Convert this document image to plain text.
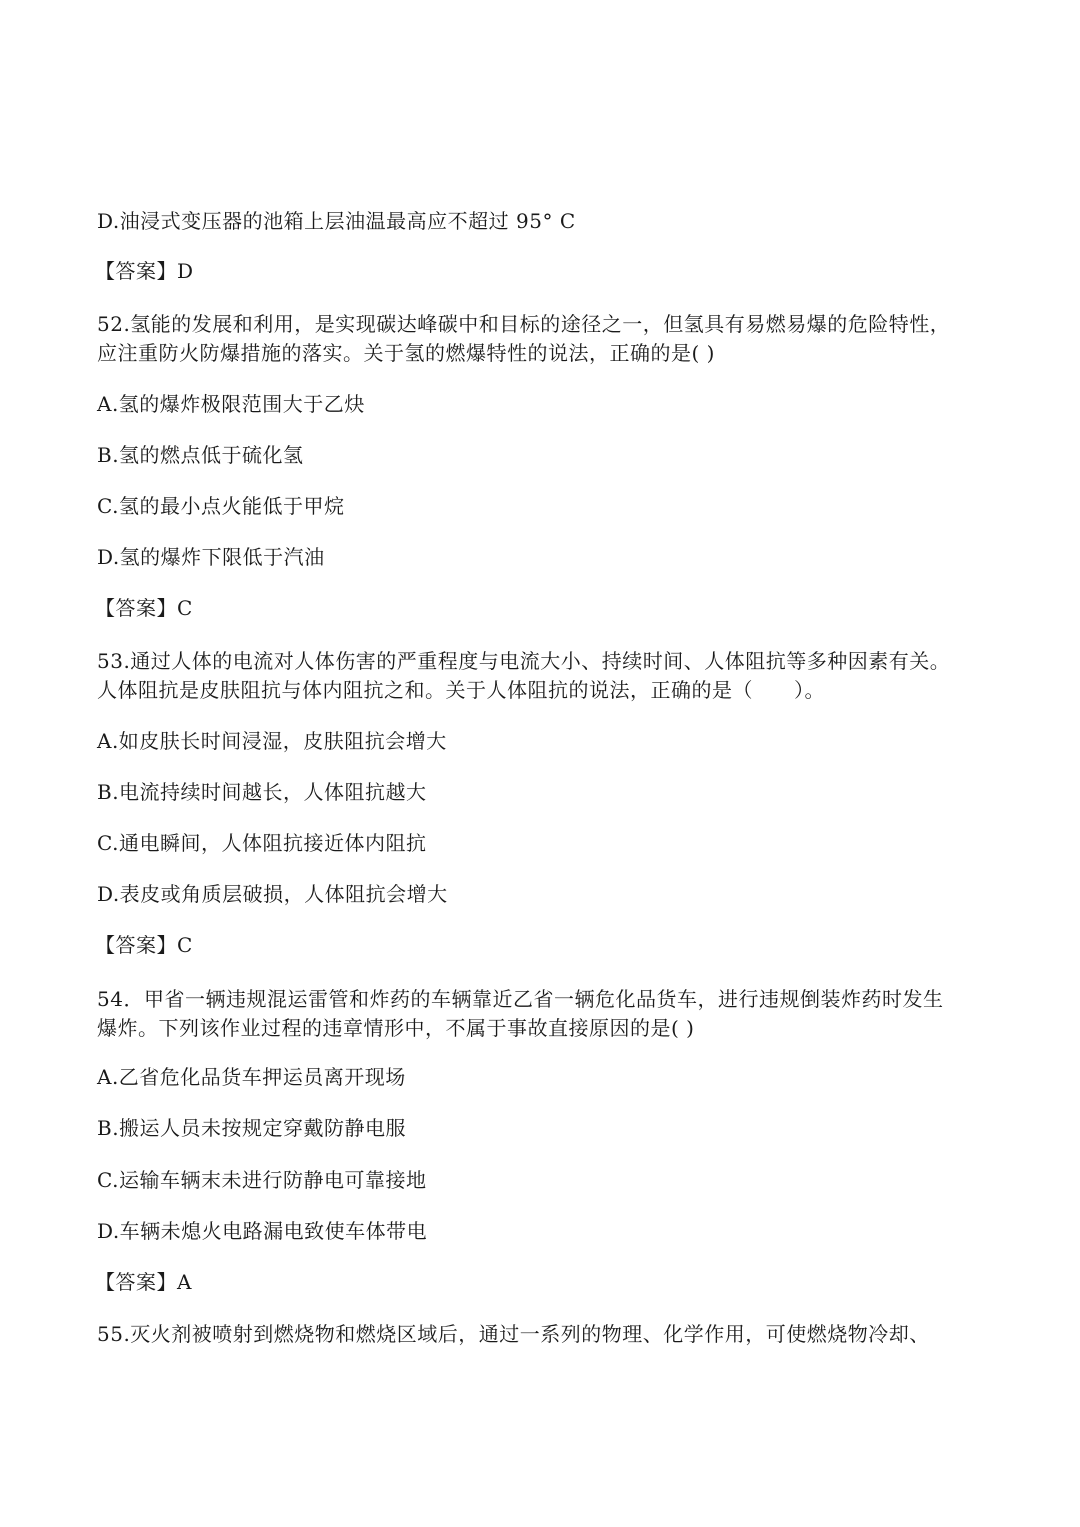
D.油浸式变压器的池箱上层油温最高应不超过 95° C
【答案】D
52.氢能的发展和利用，是实现碳达峰碳中和目标的途径之一，但氢具有易燃易爆的危险特性，
应注重防火防爆措施的落实。关于氢的燃爆特性的说法，正确的是( )
A.氢的爆炸极限范围大于乙炔
B.氢的燃点低于硫化氢
C.氢的最小点火能低于甲烷
D.氢的爆炸下限低于汽油
【答案】C
53.通过人体的电流对人体伤害的严重程度与电流大小、持续时间、人体阻抗等多种因素有关。
人体阻抗是皮肤阻抗与体内阻抗之和。关于人体阻抗的说法，正确的是（　　）。
A.如皮肤长时间浸湿，皮肤阻抗会增大
B.电流持续时间越长，人体阻抗越大
C.通电瞬间，人体阻抗接近体内阻抗
D.表皮或角质层破损，人体阻抗会增大
【答案】C
54．甲省一辆违规混运雷管和炸药的车辆靠近乙省一辆危化品货车，进行违规倒装炸药时发生
爆炸。下列该作业过程的违章情形中，不属于事故直接原因的是( )
A.乙省危化品货车押运员离开现场
B.搬运人员未按规定穿戴防静电服
C.运输车辆末未进行防静电可靠接地
D.车辆未熄火电路漏电致使车体带电
【答案】A
55.灭火剂被喷射到燃烧物和燃烧区域后，通过一系列的物理、化学作用，可使燃烧物冷却、
